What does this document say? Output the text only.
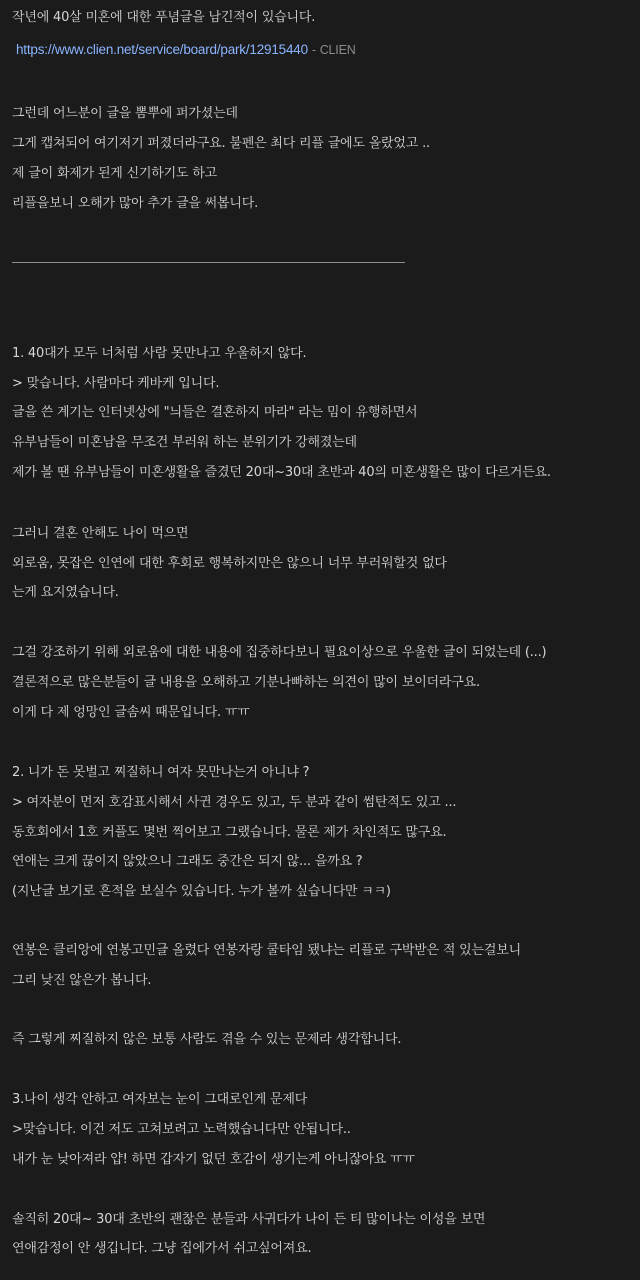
작년에 40살 미혼에 대한 푸념글을 남긴적이 있습니다.
https://www.clien.net/service/board/park/12915440 - CLIEN
그런데 어느분이 글을 뽐뿌에 퍼가셨는데
그게 캡쳐되어 여기저기 퍼졌더라구요. 불펜은 최다 리플 글에도 올랐었고 ..
제 글이 화제가 된게 신기하기도 하고
리플을보니 오해가 많아 추가 글을 써봅니다.
1. 40대가 모두 너처럼 사람 못만나고 우울하지 않다.
> 맞습니다. 사람마다 케바케 입니다.
글을 쓴 계기는 인터넷상에 "늬들은 결혼하지 마라" 라는 밈이 유행하면서
유부남들이 미혼남을 무조건 부러워 하는 분위기가 강해졌는데
제가 볼 땐 유부남들이 미혼생활을 즐겼던 20대~30대 초반과 40의 미혼생활은 많이 다르거든요.
그러니 결혼 안해도 나이 먹으면
외로움, 못잡은 인연에 대한 후회로 행복하지만은 않으니 너무 부러워할것 없다
는게 요지였습니다.
그걸 강조하기 위해 외로움에 대한 내용에 집중하다보니 필요이상으로 우울한 글이 되었는데 (...)
결론적으로 많은분들이 글 내용을 오해하고 기분나빠하는 의견이 많이 보이더라구요.
이게 다 제 엉망인 글솜씨 때문입니다. ㅠㅠ
2. 니가 돈 못벌고 찌질하니 여자 못만나는거 아니냐 ?
> 여자분이 먼저 호감표시해서 사귄 경우도 있고, 두 분과 같이 썸탄적도 있고 ...
동호회에서 1호 커플도 몇번 찍어보고 그랬습니다. 물론 제가 차인적도 많구요.
연애는 크게 끊이지 않았으니 그래도 중간은 되지 않... 을까요 ?
(지난글 보기로 흔적을 보실수 있습니다. 누가 볼까 싶습니다만 ㅋㅋ)
연봉은 클리앙에 연봉고민글 올렸다 연봉자랑 쿨타임 됐냐는 리플로 구박받은 적 있는걸보니
그리 낮진 않은가 봅니다.
즉 그렇게 찌질하지 않은 보통 사람도 겪을 수 있는 문제라 생각합니다.
3.나이 생각 안하고 여자보는 눈이 그대로인게 문제다
>맞습니다. 이건 저도 고쳐보려고 노력했습니다만 안됩니다..
내가 눈 낮아져라 얍! 하면 갑자기 없던 호감이 생기는게 아니잖아요 ㅠㅠ
솔직히 20대~ 30대 초반의 괜찮은 분들과 사귀다가 나이 든 티 많이나는 이성을 보면
연애감정이 안 생깁니다. 그냥 집에가서 쉬고싶어져요.
